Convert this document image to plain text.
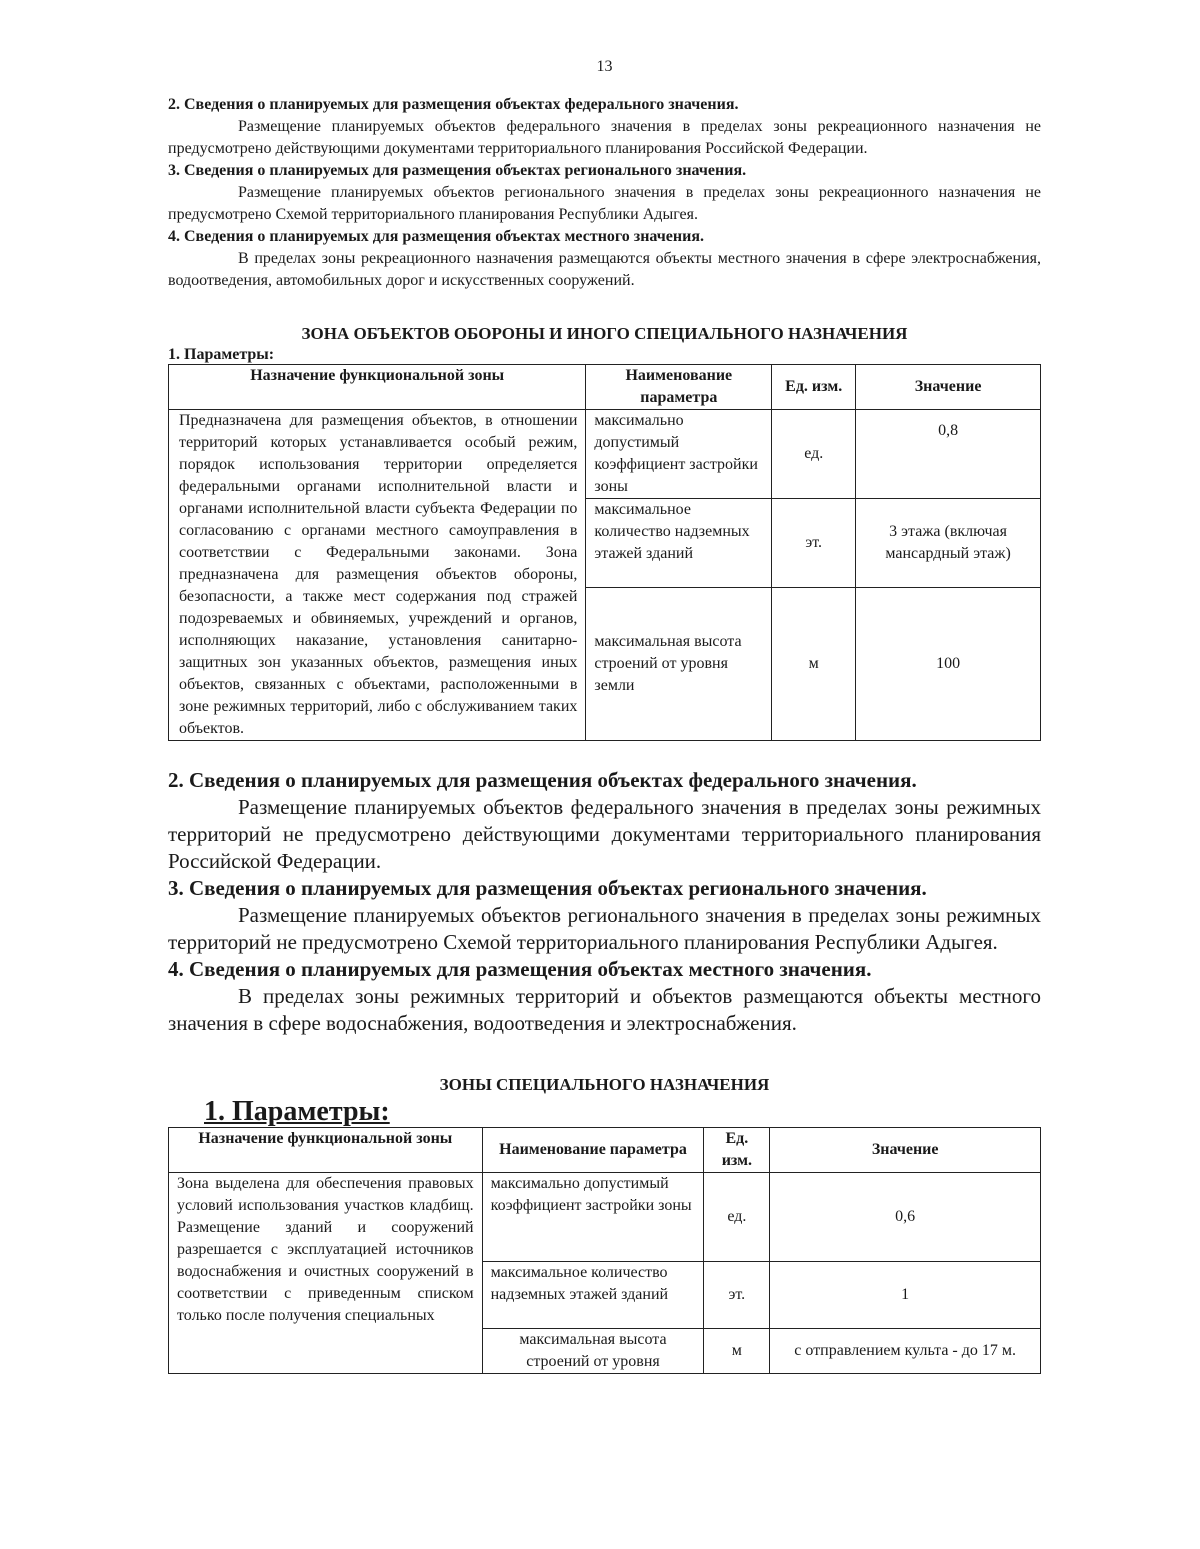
13
2. Сведения о планируемых для размещения объектах федерального значения.
Размещение планируемых объектов федерального значения в пределах зоны рекреационного назначения не предусмотрено действующими документами территориального планирования Российской Федерации.
3. Сведения о планируемых для размещения объектах регионального значения.
Размещение планируемых объектов регионального значения в пределах зоны рекреационного назначения не предусмотрено Схемой территориального планирования Республики Адыгея.
4. Сведения о планируемых для размещения объектах местного значения.
В пределах зоны рекреационного назначения размещаются объекты местного значения в сфере электроснабжения, водоотведения, автомобильных дорог и искусственных сооружений.
ЗОНА ОБЪЕКТОВ ОБОРОНЫ И ИНОГО СПЕЦИАЛЬНОГО НАЗНАЧЕНИЯ
1. Параметры:
Назначение функциональной зоны	Наименование параметра	Ед. изм.	Значение
Предназначена для размещения объектов, в отношении территорий которых устанавливается особый режим, порядок использования территории определяется федеральными органами исполнительной власти и органами исполнительной власти субъекта Федерации по согласованию с органами местного самоуправления в соответствии с Федеральными законами. Зона предназначена для размещения объектов обороны, безопасности, а также мест содержания под стражей подозреваемых и обвиняемых, учреждений и органов, исполняющих наказание, установления санитарно-защитных зон указанных объектов, размещения иных объектов, связанных с объектами, расположенными в зоне режимных территорий, либо с обслуживанием таких объектов.	максимально допустимый коэффициент застройки зоны	ед.	0,8
	максимальное количество надземных этажей зданий	эт.	3 этажа (включая мансардный этаж)
	максимальная высота строений от уровня земли	м	100
2. Сведения о планируемых для размещения объектах федерального значения.
Размещение планируемых объектов федерального значения в пределах зоны режимных территорий не предусмотрено действующими документами территориального планирования Российской Федерации.
3. Сведения о планируемых для размещения объектах регионального значения.
Размещение планируемых объектов регионального значения в пределах зоны режимных территорий не предусмотрено Схемой территориального планирования Республики Адыгея.
4. Сведения о планируемых для размещения объектах местного значения.
В пределах зоны режимных территорий и объектов размещаются объекты местного значения в сфере водоснабжения, водоотведения и электроснабжения.
ЗОНЫ СПЕЦИАЛЬНОГО НАЗНАЧЕНИЯ
1. Параметры:
Назначение функциональной зоны	Наименование параметра	Ед. изм.	Значение
Зона выделена для обеспечения правовых условий использования участков кладбищ. Размещение зданий и сооружений разрешается с эксплуатацией источников водоснабжения и очистных сооружений в соответствии с приведенным списком только после получения специальных	максимально допустимый коэффициент застройки зоны	ед.	0,6
	максимальное количество надземных этажей зданий	эт.	1
	максимальная высота строений от уровня	м	с отправлением культа - до 17 м.
